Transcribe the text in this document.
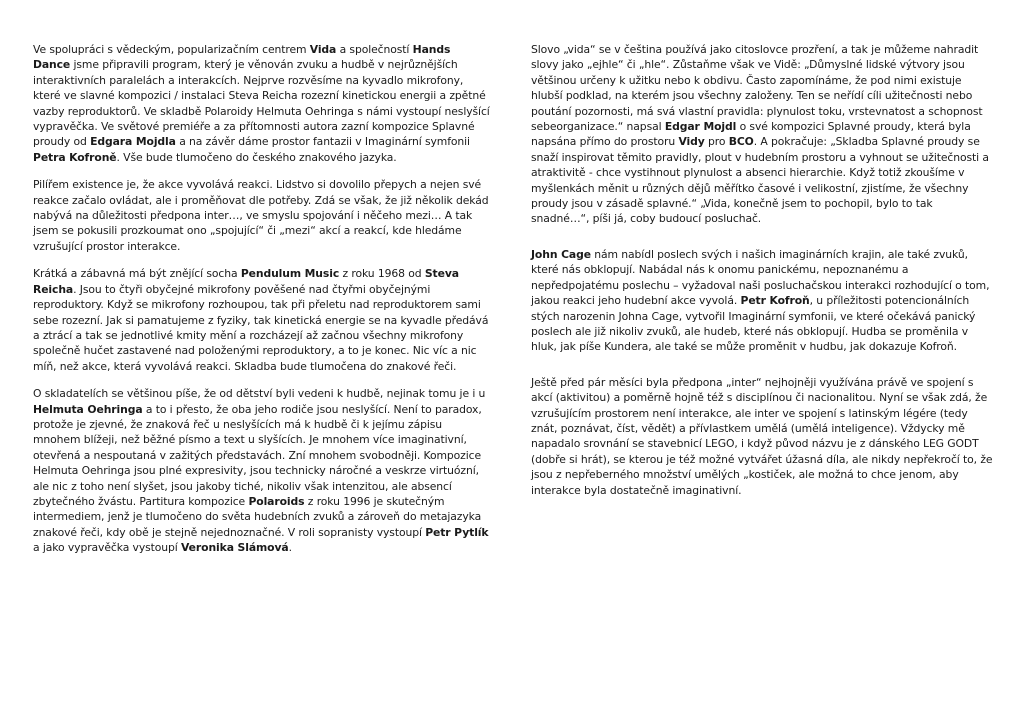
Ve spolupráci s vědeckým, popularizačním centrem Vida a společností Hands Dance jsme připravili program, který je věnován zvuku a hudbě v nejrůznějších interaktivních paralelách a interakcích. Nejprve rozvěsíme na kyvadlo mikrofony, které ve slavné kompozici / instalaci Steva Reicha rozezní kinetickou energii a zpětné vazby reproduktorů. Ve skladbě Polaroidy Helmuta Oehringa s námi vystoupí neslyšící vypravěčka. Ve světové premiéře a za přítomnosti autora zazní kompozice Splavné proudy od Edgara Mojdla a na závěr dáme prostor fantazii v Imaginární symfonii Petra Kofroně. Vše bude tlumočeno do českého znakového jazyka.

Pilířem existence je, že akce vyvolává reakci. Lidstvo si dovolilo přepych a nejen své reakce začalo ovládat, ale i proměňovat dle potřeby. Zdá se však, že již několik dekád nabývá na důležitosti předpona inter…, ve smyslu spojování i něčeho mezi… A tak jsem se pokusili prozkoumat ono „spojující“ či „mezi“ akcí a reakcí, kde hledáme vzrušující prostor interakce.

Krátká a zábavná má být znějící socha Pendulum Music z roku 1968 od Steva Reicha. Jsou to čtyři obyčejné mikrofony pověšené nad čtyřmi obyčejnými reproduktory. Když se mikrofony rozhoupou, tak při přeletu nad reproduktorem sami sebe rozezní. Jak si pamatujeme z fyziky, tak kinetická energie se na kyvadle předává a ztrácí a tak se jednotlivé kmity mění a rozcházejí až začnou všechny mikrofony společně hučet zastavené nad položenými reproduktory, a to je konec. Nic víc a nic míň, než akce, která vyvolává reakci. Skladba bude tlumočena do znakové řeči.

O skladatelích se většinou píše, že od dětství byli vedeni k hudbě, nejinak tomu je i u Helmuta Oehringa a to i přesto, že oba jeho rodiče jsou neslyšící. Není to paradox, protože je zjevné, že znaková řeč u neslyšících má k hudbě či k jejímu zápisu mnohem blížeji, než běžné písmo a text u slyšících. Je mnohem více imaginativní, otevřená a nespoutaná v zažitých představách. Zní mnohem svobodněji. Kompozice Helmuta Oehringa jsou plné expresivity, jsou technicky náročné a veskrze virtuózní, ale nic z toho není slyšet, jsou jakoby tiché, nikoliv však intenzitou, ale absencí zbytečného žvástu. Partitura kompozice Polaroids z roku 1996 je skutečným intermediem, jenž je tlumočeno do světa hudebních zvuků a zároveň do metajazyka znakové řeči, kdy obě je stejně nejednoznačné. V roli sopranisty vystoupí Petr Pytlík a jako vypravěčka vystoupí Veronika Slámová.

Slovo „vida“ se v čeština používá jako citoslovce prozření, a tak je můžeme nahradit slovy jako „ejhle“ či „hle“. Zůstaňme však ve Vidě: „Důmyslné lidské výtvory jsou většinou určeny k užitku nebo k obdivu. Často zapomínáme, že pod nimi existuje hlubší podklad, na kterém jsou všechny založeny. Ten se neřídí cíli užitečnosti nebo poutání pozornosti, má svá vlastní pravidla: plynulost toku, vrstevnatost a schopnost sebeorganizace.“ napsal Edgar Mojdl o své kompozici Splavné proudy, která byla napsána přímo do prostoru Vidy pro BCO. A pokračuje: „Skladba Splavné proudy se snaží inspirovat těmito pravidly, plout v hudebním prostoru a vyhnout se užitečnosti a atraktivitě - chce vystihnout plynulost a absenci hierarchie. Když totiž zkoušíme v myšlenkách měnit u různých dějů měřítko časové i velikostní, zjistíme, že všechny proudy jsou v zásadě splavné.“ „Vida, konečně jsem to pochopil, bylo to tak snadné…“, píši já, coby budoucí posluchač.

John Cage nám nabídl poslech svých i našich imaginárních krajin, ale také zvuků, které nás obklopují. Nabádal nás k onomu panickému, nepoznanému a nepředpojatému poslechu – vyžadoval naši posluchačskou interakci rozhodující o tom, jakou reakci jeho hudební akce vyvolá. Petr Kofroň, u příležitosti potencionálních stých narozenin Johna Cage, vytvořil Imaginární symfonii, ve které očekává panický poslech ale již nikoliv zvuků, ale hudeb, které nás obklopují. Hudba se proměnila v hluk, jak píše Kundera, ale také se může proměnit v hudbu, jak dokazuje Kofroň.

Ještě před pár měsíci byla předpona „inter“ nejhojněji využívána právě ve spojení s akcí (aktivitou) a poměrně hojně též s disciplínou či nacionalitou. Nyní se však zdá, že vzrušujícím prostorem není interakce, ale inter ve spojení s latinským légére (tedy znát, poznávat, číst, vědět) a přívlastkem umělá (umělá inteligence). Vždycky mě napadalo srovnání se stavebnicí LEGO, i když původ názvu je z dánského LEG GODT (dobře si hrát), se kterou je též možné vytvářet úžasná díla, ale nikdy nepřekročí to, že jsou z nepřeberného množství umělých „kostiček, ale možná to chce jenom, aby interakce byla dostatečně imaginativní.
